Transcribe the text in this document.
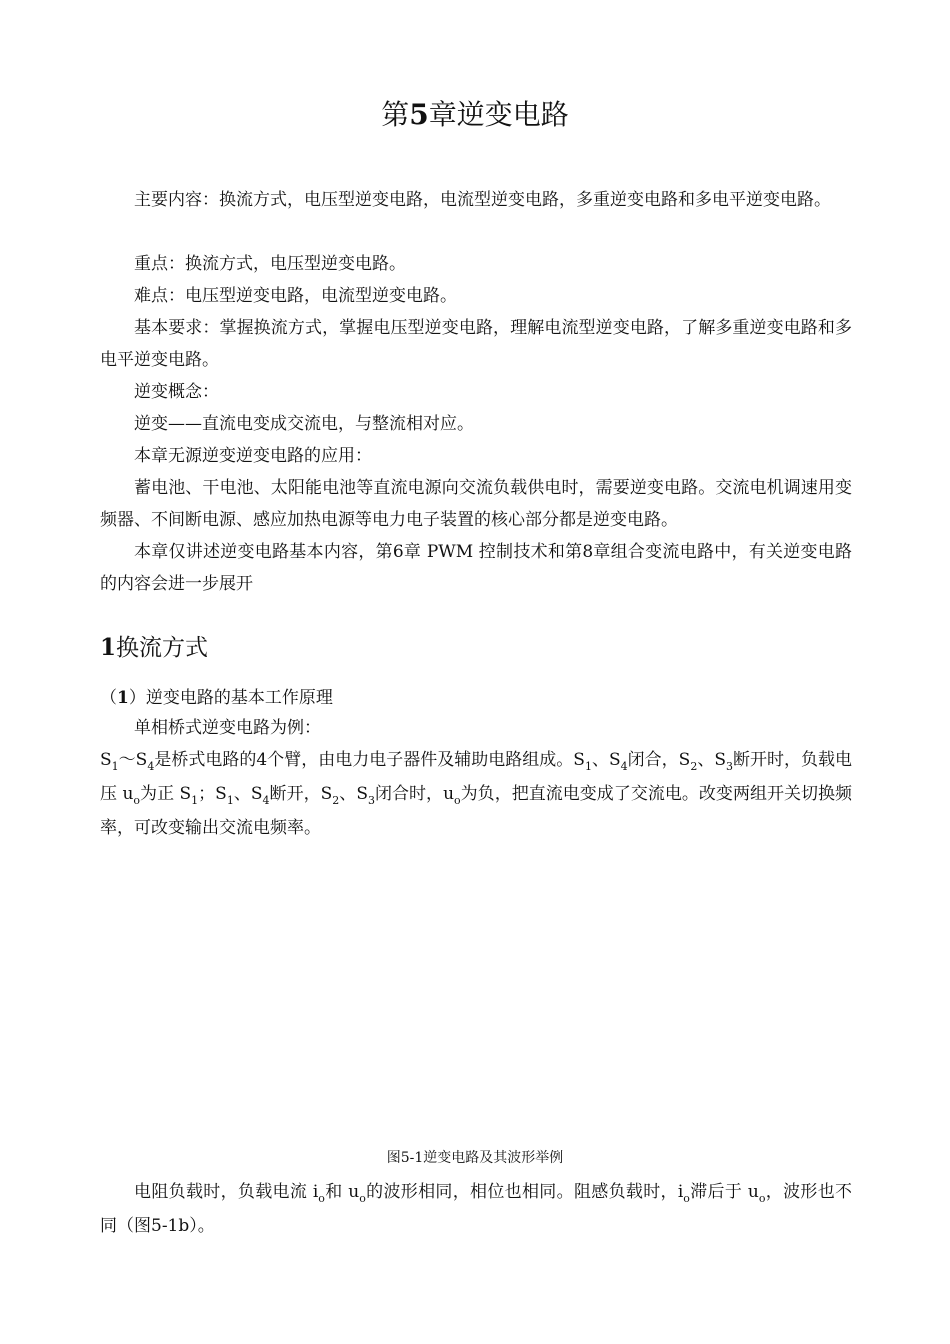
第5章逆变电路
主要内容：换流方式，电压型逆变电路，电流型逆变电路，多重逆变电路和多电平逆变电路。
重点：换流方式，电压型逆变电路。
难点：电压型逆变电路，电流型逆变电路。
基本要求：掌握换流方式，掌握电压型逆变电路，理解电流型逆变电路，了解多重逆变电路和多电平逆变电路。
逆变概念：
逆变——直流电变成交流电，与整流相对应。
本章无源逆变逆变电路的应用：
蓄电池、干电池、太阳能电池等直流电源向交流负载供电时，需要逆变电路。交流电机调速用变频器、不间断电源、感应加热电源等电力电子装置的核心部分都是逆变电路。
本章仅讲述逆变电路基本内容，第6章 PWM 控制技术和第8章组合变流电路中，有关逆变电路的内容会进一步展开
1换流方式
（1）逆变电路的基本工作原理
单相桥式逆变电路为例：
$S_1\sim S_4$是桥式电路的4个臂，由电力电子器件及辅助电路组成。$S_1$、$S_4$闭合，$S_2$、$S_3$断开时，负载电压 $u_o$为正 $S_1$；$S_1$、$S_4$断开，$S_2$、$S_3$闭合时，$u_o$为负，把直流电变成了交流电。改变两组开关切换频率，可改变输出交流电频率。
图5-1逆变电路及其波形举例
电阻负载时，负载电流 $i_o$和 $u_o$的波形相同，相位也相同。阻感负载时，$i_o$滞后于 $u_o$，波形也不同（图5-1b）。
